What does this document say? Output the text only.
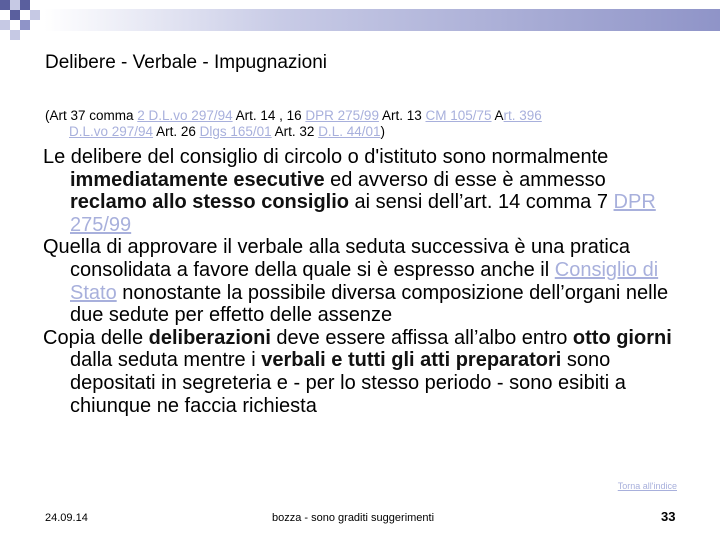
Delibere - Verbale - Impugnazioni
(Art 37 comma 2 D.L.vo 297/94 Art. 14 , 16 DPR 275/99 Art. 13 CM 105/75 Art. 396
D.L.vo 297/94 Art. 26 Dlgs 165/01 Art. 32 D.L. 44/01)

Le delibere del consiglio di circolo o d'istituto sono normalmente immediatamente esecutive ed avverso di esse è ammesso reclamo allo stesso consiglio ai sensi dell’art. 14 comma 7 DPR 275/99

Quella di approvare il verbale alla seduta successiva è una pratica consolidata a favore della quale si è espresso anche il Consiglio di Stato nonostante la possibile diversa composizione dell’organi nelle due sedute per effetto delle assenze

Copia delle deliberazioni deve essere affissa all’albo entro otto giorni dalla seduta mentre i verbali e tutti gli atti preparatori sono depositati in segreteria e - per lo stesso periodo - sono esibiti a chiunque ne faccia richiesta

Torna all'indice
24.09.14	bozza - sono graditi suggerimenti	33
